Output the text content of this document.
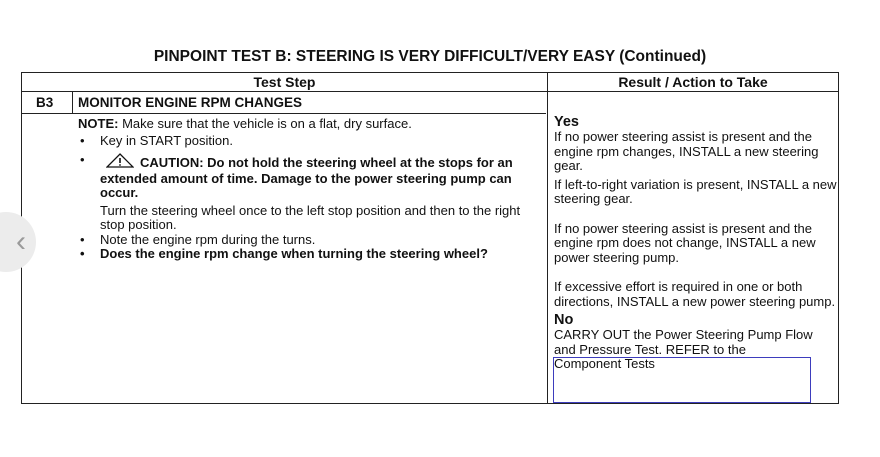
PINPOINT TEST B: STEERING IS VERY DIFFICULT/VERY EASY (Continued)
Test Step	Result / Action to Take
B3 MONITOR ENGINE RPM CHANGES

NOTE: Make sure that the vehicle is on a flat, dry surface.

• Key in START position.

•	CAUTION: Do not hold the steering wheel at the stops for an extended amount of time. Damage to the power steering pump can occur.

Turn the steering wheel once to the left stop position and then to the right stop position.

• Note the engine rpm during the turns.

• Does the engine rpm change when turning the steering wheel?

Yes

If no power steering assist is present and the engine rpm changes, INSTALL a new steering gear.

If left-to-right variation is present, INSTALL a new steering gear.

If no power steering assist is present and the engine rpm does not change, INSTALL a new power steering pump.

If excessive effort is required in one or both directions, INSTALL a new power steering pump.

No

CARRY OUT the Power Steering Pump Flow and Pressure Test. REFER to the Component Tests

‹
